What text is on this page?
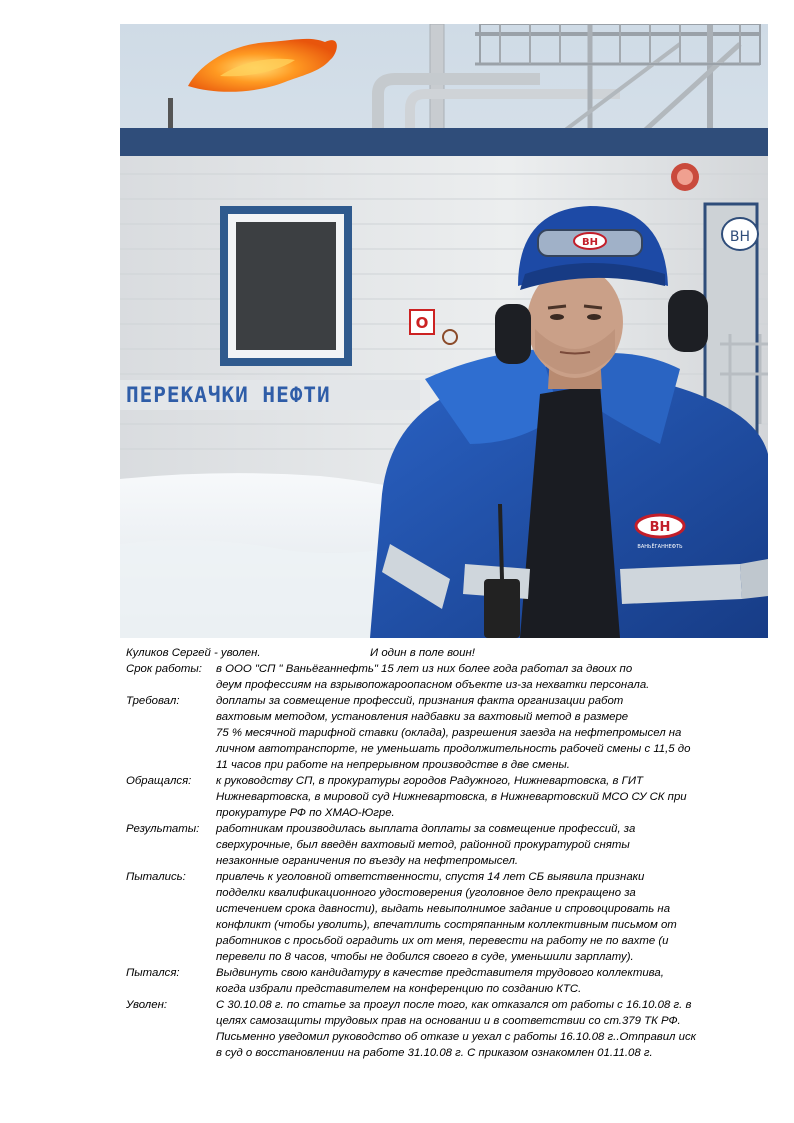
ПЕРЕКАЧКИ НЕФТИ
ВН
ВН
ВН
ВАНЬЁГАННЕФТЬ
О
Куликов Сергей - уволен.	И один в поле воин!
Срок работы:	в ООО "СП " Ваньёганнефть" 15 лет из них более года работал за двоих по
деум профессиям на взрывопожароопасном объекте из-за нехватки персонала.
Требовал:	доплаты за совмещение профессий, признания факта организации работ
вахтовым методом, установления надбавки за вахтовый метод в размере
75 % месячной тарифной ставки (оклада), разрешения заезда на нефтепромысел на
личном автотранспорте, не уменьшать продолжительность рабочей смены с 11,5 до
11 часов при работе на непрерывном производстве в две смены.
Обращался:	к руководству СП, в прокуратуры городов Радужного, Нижневартовска, в ГИТ
Нижневартовска, в мировой суд Нижневартовска, в Нижневартовский МСО СУ СК при
прокуратуре РФ по ХМАО-Югре.
Результаты:	работникам производилась выплата доплаты за совмещение профессий, за
сверхурочные, был введён вахтовый метод, районной прокуратурой сняты
незаконные ограничения по въезду на нефтепромысел.
Пытались:	привлечь к уголовной ответственности, спустя 14 лет СБ выявила признаки
подделки квалификационного удостоверения (уголовное дело прекращено за
истечением срока давности), выдать невыполнимое задание и спровоцировать на
конфликт (чтобы уволить), впечатлить состряпанным коллективным письмом от
работников с просьбой оградить их от меня, перевести на работу не по вахте (и
перевели по 8 часов, чтобы не добился своего в суде, уменьшили зарплату).
Пытался:	Выдвинуть свою кандидатуру в качестве представителя трудового коллектива,
когда избрали представителем на конференцию по созданию КТС.
Уволен:	С 30.10.08 г. по статье за прогул после того, как отказался от работы с 16.10.08 г. в
целях самозащиты трудовых прав на основании и в соответствии со ст.379 ТК РФ.
Письменно уведомил руководство об отказе и уехал с работы 16.10.08 г..Отправил иск
в суд о восстановлении на работе 31.10.08 г. С приказом ознакомлен 01.11.08 г.
